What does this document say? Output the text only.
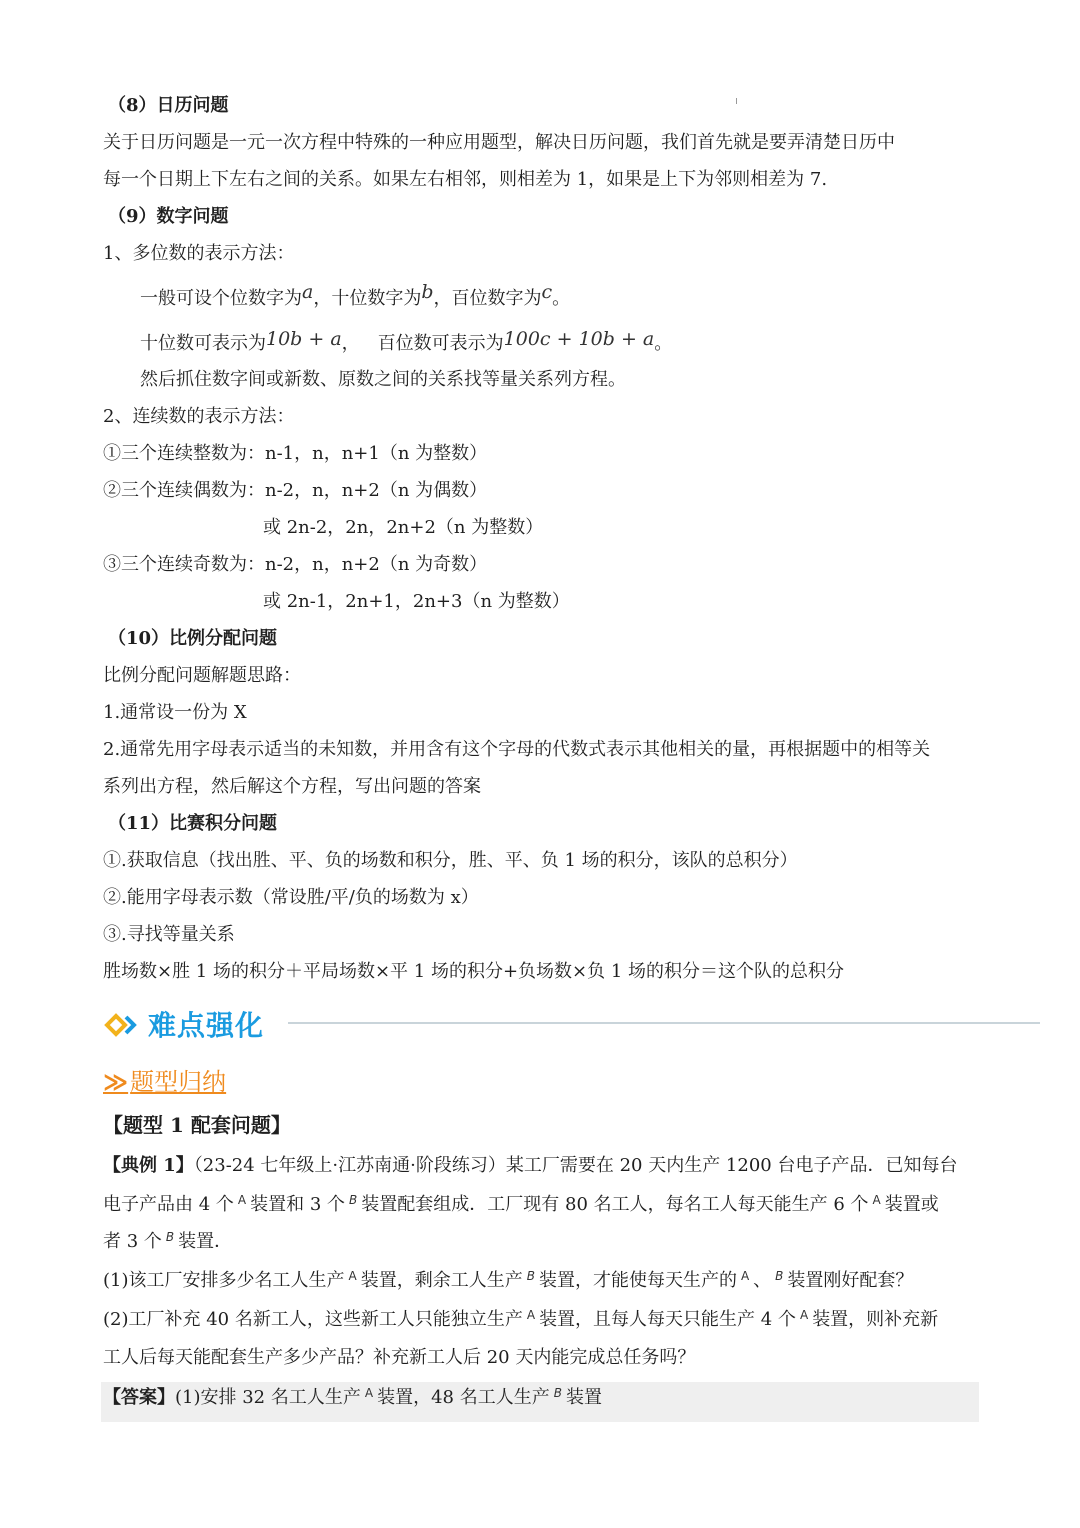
（8）日历问题
关于日历问题是一元一次方程中特殊的一种应用题型，解决日历问题，我们首先就是要弄清楚日历中
每一个日期上下左右之间的关系。如果左右相邻，则相差为 1，如果是上下为邻则相差为 7.
（9）数字问题
1、多位数的表示方法：
一般可设个位数字为a，十位数字为b，百位数字为c。
十位数可表示为10b + a， 百位数可表示为100c + 10b + a。
然后抓住数字间或新数、原数之间的关系找等量关系列方程。
2、连续数的表示方法：
①三个连续整数为：n-1，n，n+1（n 为整数）
②三个连续偶数为：n-2，n，n+2（n 为偶数）
或 2n-2，2n，2n+2（n 为整数）
③三个连续奇数为：n-2，n，n+2（n 为奇数）
或 2n-1，2n+1，2n+3（n 为整数）
（10）比例分配问题
比例分配问题解题思路：
1.通常设一份为 X
2.通常先用字母表示适当的未知数，并用含有这个字母的代数式表示其他相关的量，再根据题中的相等关
系列出方程，然后解这个方程，写出问题的答案
（11）比赛积分问题
①.获取信息（找出胜、平、负的场数和积分，胜、平、负 1 场的积分，该队的总积分）
②.能用字母表示数（常设胜/平/负的场数为 x）
③.寻找等量关系
胜场数×胜 1 场的积分＋平局场数×平 1 场的积分+负场数×负 1 场的积分＝这个队的总积分
难点强化
≫题型归纳
【题型 1 配套问题】
【典例 1】（23-24 七年级上·江苏南通·阶段练习）某工厂需要在 20 天内生产 1200 台电子产品．已知每台
电子产品由 4 个 $^A$ 装置和 3 个 $^B$ 装置配套组成．工厂现有 80 名工人，每名工人每天能生产 6 个 $^A$ 装置或
者 3 个 $^B$ 装置．
(1)该工厂安排多少名工人生产 $^A$ 装置，剩余工人生产 $^B$ 装置，才能使每天生产的 $^A$ 、 $^B$ 装置刚好配套？
(2)工厂补充 40 名新工人，这些新工人只能独立生产 $^A$ 装置，且每人每天只能生产 4 个 $^A$ 装置，则补充新
工人后每天能配套生产多少产品？补充新工人后 20 天内能完成总任务吗？
【答案】(1)安排 32 名工人生产 $^A$ 装置，48 名工人生产 $^B$ 装置
